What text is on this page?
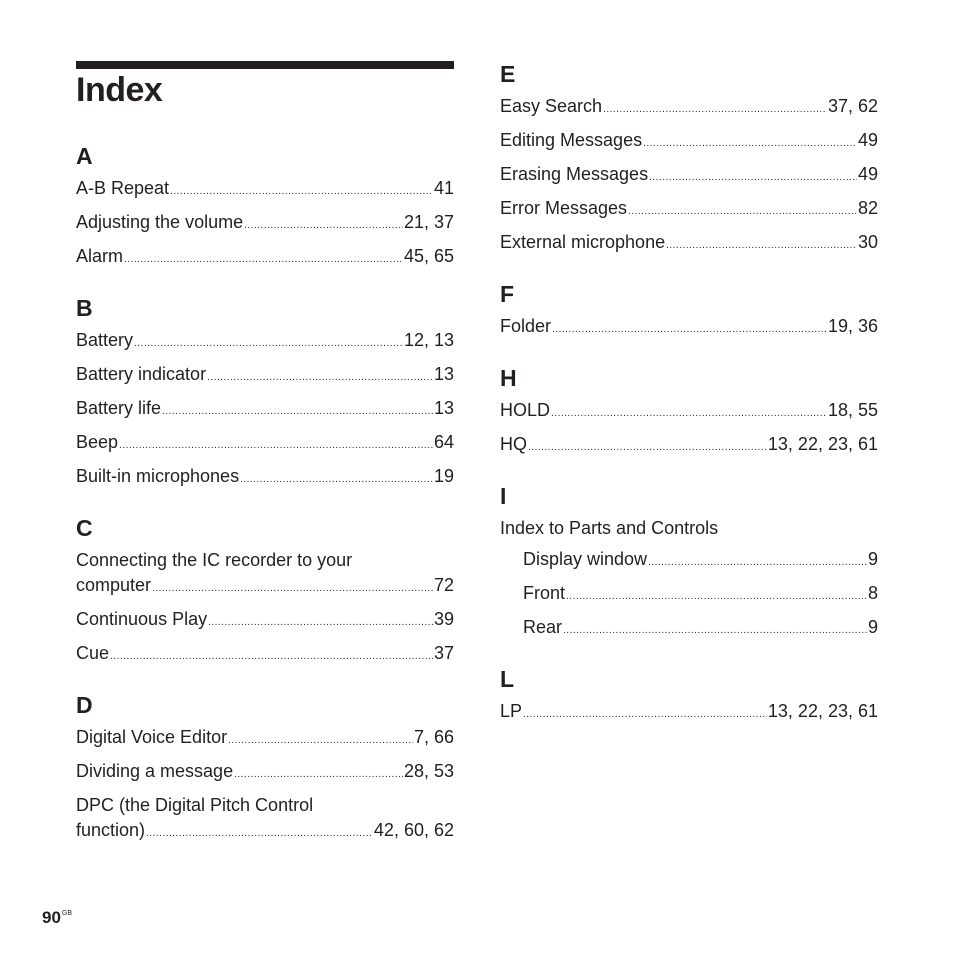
Index
A
A-B Repeat .....	41
Adjusting the volume .....	21, 37
Alarm .....	45, 65
B
Battery .....	12, 13
Battery indicator .....	13
Battery life .....	13
Beep .....	64
Built-in microphones .....	19
C
Connecting the IC recorder to your
computer .....	72
Continuous Play .....	39
Cue .....	37
D
Digital Voice Editor .....	7, 66
Dividing a message .....	28, 53
DPC (the Digital Pitch Control
function) .....	42, 60, 62
E
Easy Search .....	37, 62
Editing Messages .....	49
Erasing Messages .....	49
Error Messages .....	82
External microphone .....	30
F
Folder .....	19, 36
H
HOLD .....	18, 55
HQ .....	13, 22, 23, 61
I
Index to Parts and Controls
Display window .....	9
Front .....	8
Rear .....	9
L
LP .....	13, 22, 23, 61
$90^{GB}$
